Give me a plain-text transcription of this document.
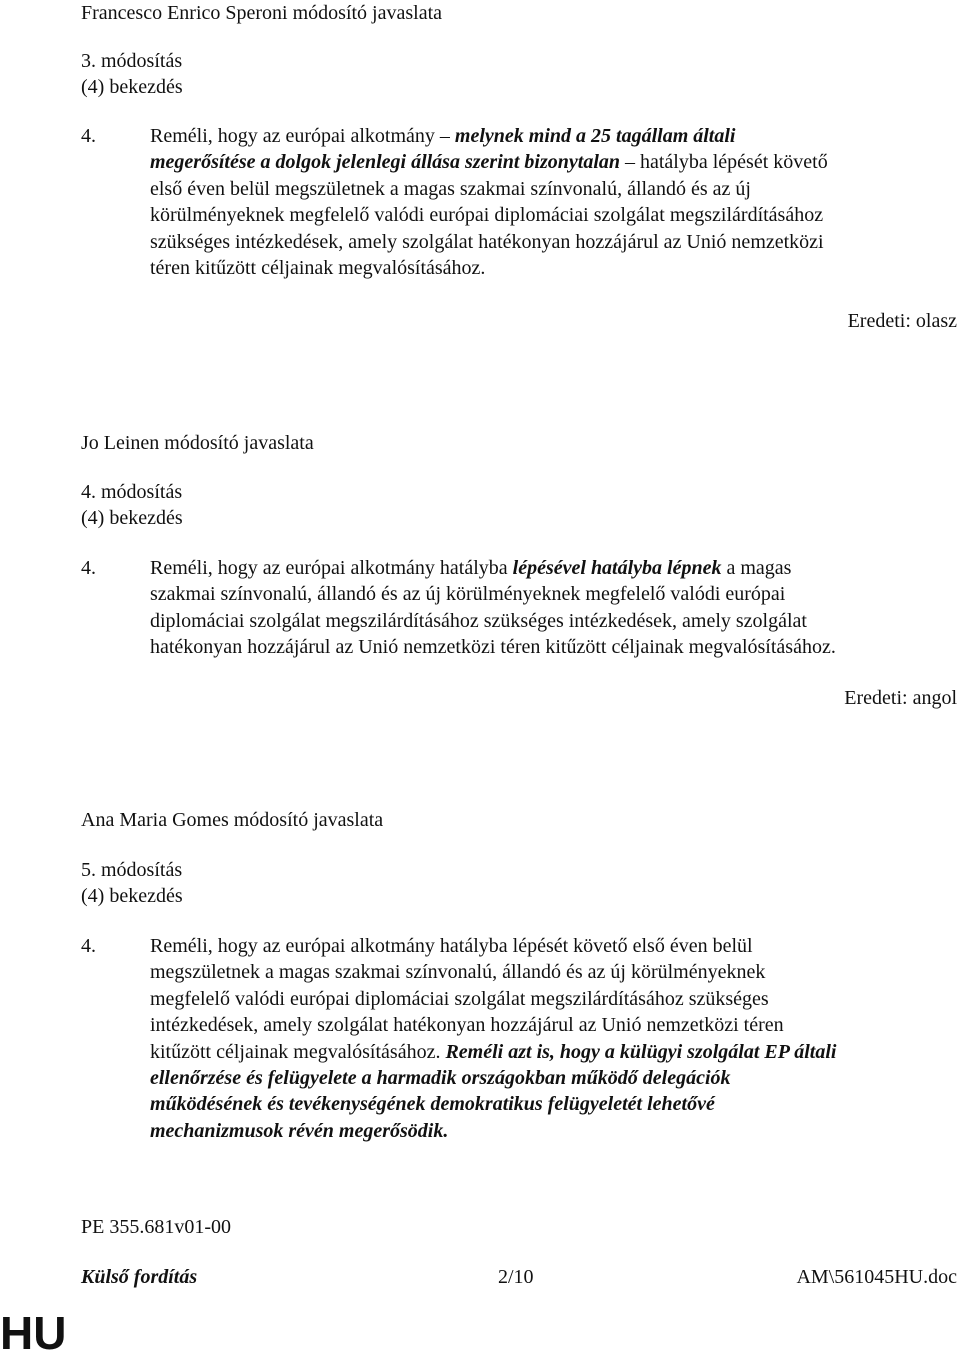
Francesco Enrico Speroni módosító javaslata
3. módosítás
(4) bekezdés
4.	Reméli, hogy az európai alkotmány – melynek mind a 25 tagállam általi
megerősítése a dolgok jelenlegi állása szerint bizonytalan – hatályba lépését követő
első éven belül megszületnek a magas szakmai színvonalú, állandó és az új
körülményeknek megfelelő valódi európai diplomáciai szolgálat megszilárdításához
szükséges intézkedések, amely szolgálat hatékonyan hozzájárul az Unió nemzetközi
téren kitűzött céljainak megvalósításához.
Eredeti: olasz
Jo Leinen módosító javaslata
4. módosítás
(4) bekezdés
4.	Reméli, hogy az európai alkotmány hatályba lépésével hatályba lépnek a magas
szakmai színvonalú, állandó és az új körülményeknek megfelelő valódi európai
diplomáciai szolgálat megszilárdításához szükséges intézkedések, amely szolgálat
hatékonyan hozzájárul az Unió nemzetközi téren kitűzött céljainak megvalósításához.
Eredeti: angol
Ana Maria Gomes módosító javaslata
5. módosítás
(4) bekezdés
4.	Reméli, hogy az európai alkotmány hatályba lépését követő első éven belül
megszületnek a magas szakmai színvonalú, állandó és az új körülményeknek
megfelelő valódi európai diplomáciai szolgálat megszilárdításához szükséges
intézkedések, amely szolgálat hatékonyan hozzájárul az Unió nemzetközi téren
kitűzött céljainak megvalósításához. Reméli azt is, hogy a külügyi szolgálat EP általi
ellenőrzése és felügyelete a harmadik országokban működő delegációk
működésének és tevékenységének demokratikus felügyeletét lehetővé
mechanizmusok révén megerősödik.
PE 355.681v01-00
Külső fordítás	2/10	AM\561045HU.doc
HU
